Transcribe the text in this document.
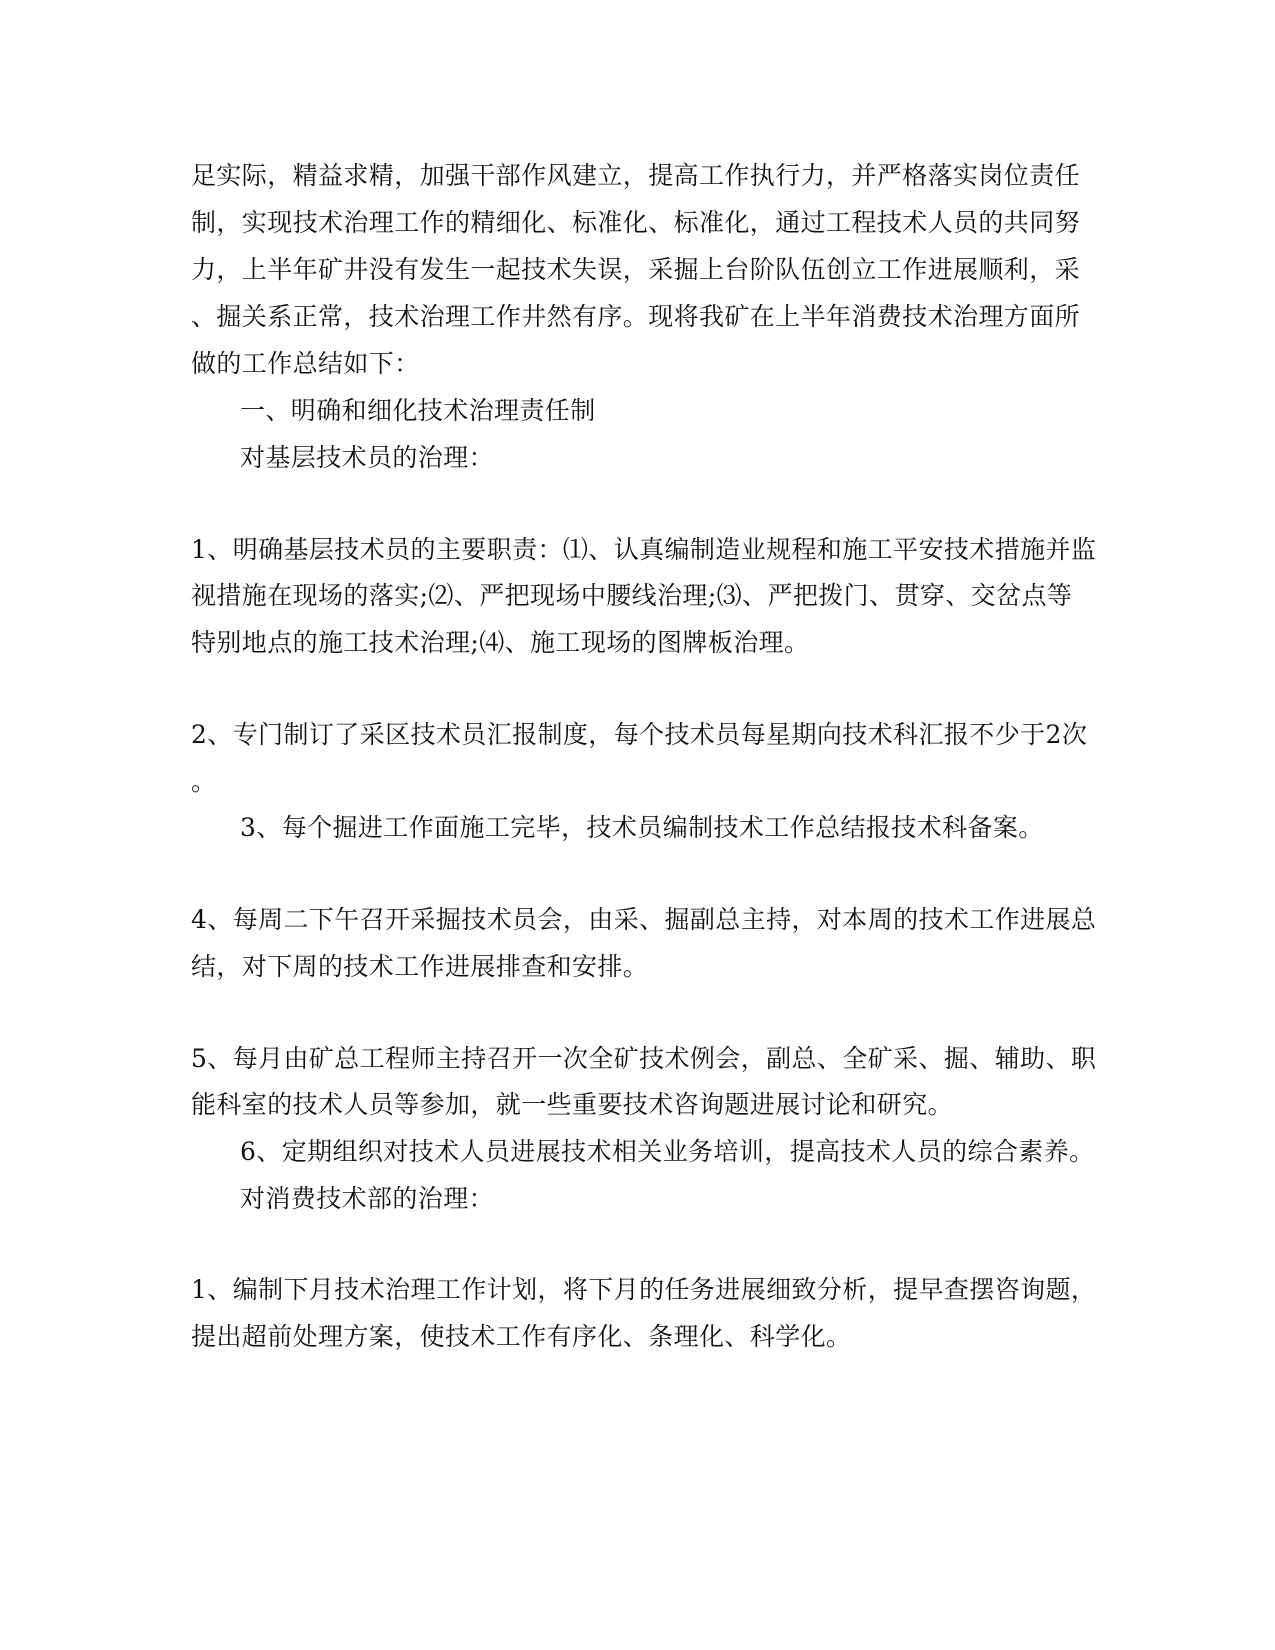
足实际，精益求精，加强干部作风建立，提高工作执行力，并严格落实岗位责任
制，实现技术治理工作的精细化、标准化、标准化，通过工程技术人员的共同努
力，上半年矿井没有发生一起技术失误，采掘上台阶队伍创立工作进展顺利，采
、掘关系正常，技术治理工作井然有序。现将我矿在上半年消费技术治理方面所
做的工作总结如下：
一、明确和细化技术治理责任制
对基层技术员的治理：
1、明确基层技术员的主要职责：⑴、认真编制造业规程和施工平安技术措施并监
视措施在现场的落实;⑵、严把现场中腰线治理;⑶、严把拨门、贯穿、交岔点等
特别地点的施工技术治理;⑷、施工现场的图牌板治理。
2、专门制订了采区技术员汇报制度，每个技术员每星期向技术科汇报不少于2次
。
3、每个掘进工作面施工完毕，技术员编制技术工作总结报技术科备案。
4、每周二下午召开采掘技术员会，由采、掘副总主持，对本周的技术工作进展总
结，对下周的技术工作进展排查和安排。
5、每月由矿总工程师主持召开一次全矿技术例会，副总、全矿采、掘、辅助、职
能科室的技术人员等参加，就一些重要技术咨询题进展讨论和研究。
6、定期组织对技术人员进展技术相关业务培训，提高技术人员的综合素养。
对消费技术部的治理：
1、编制下月技术治理工作计划，将下月的任务进展细致分析，提早查摆咨询题，
提出超前处理方案，使技术工作有序化、条理化、科学化。
